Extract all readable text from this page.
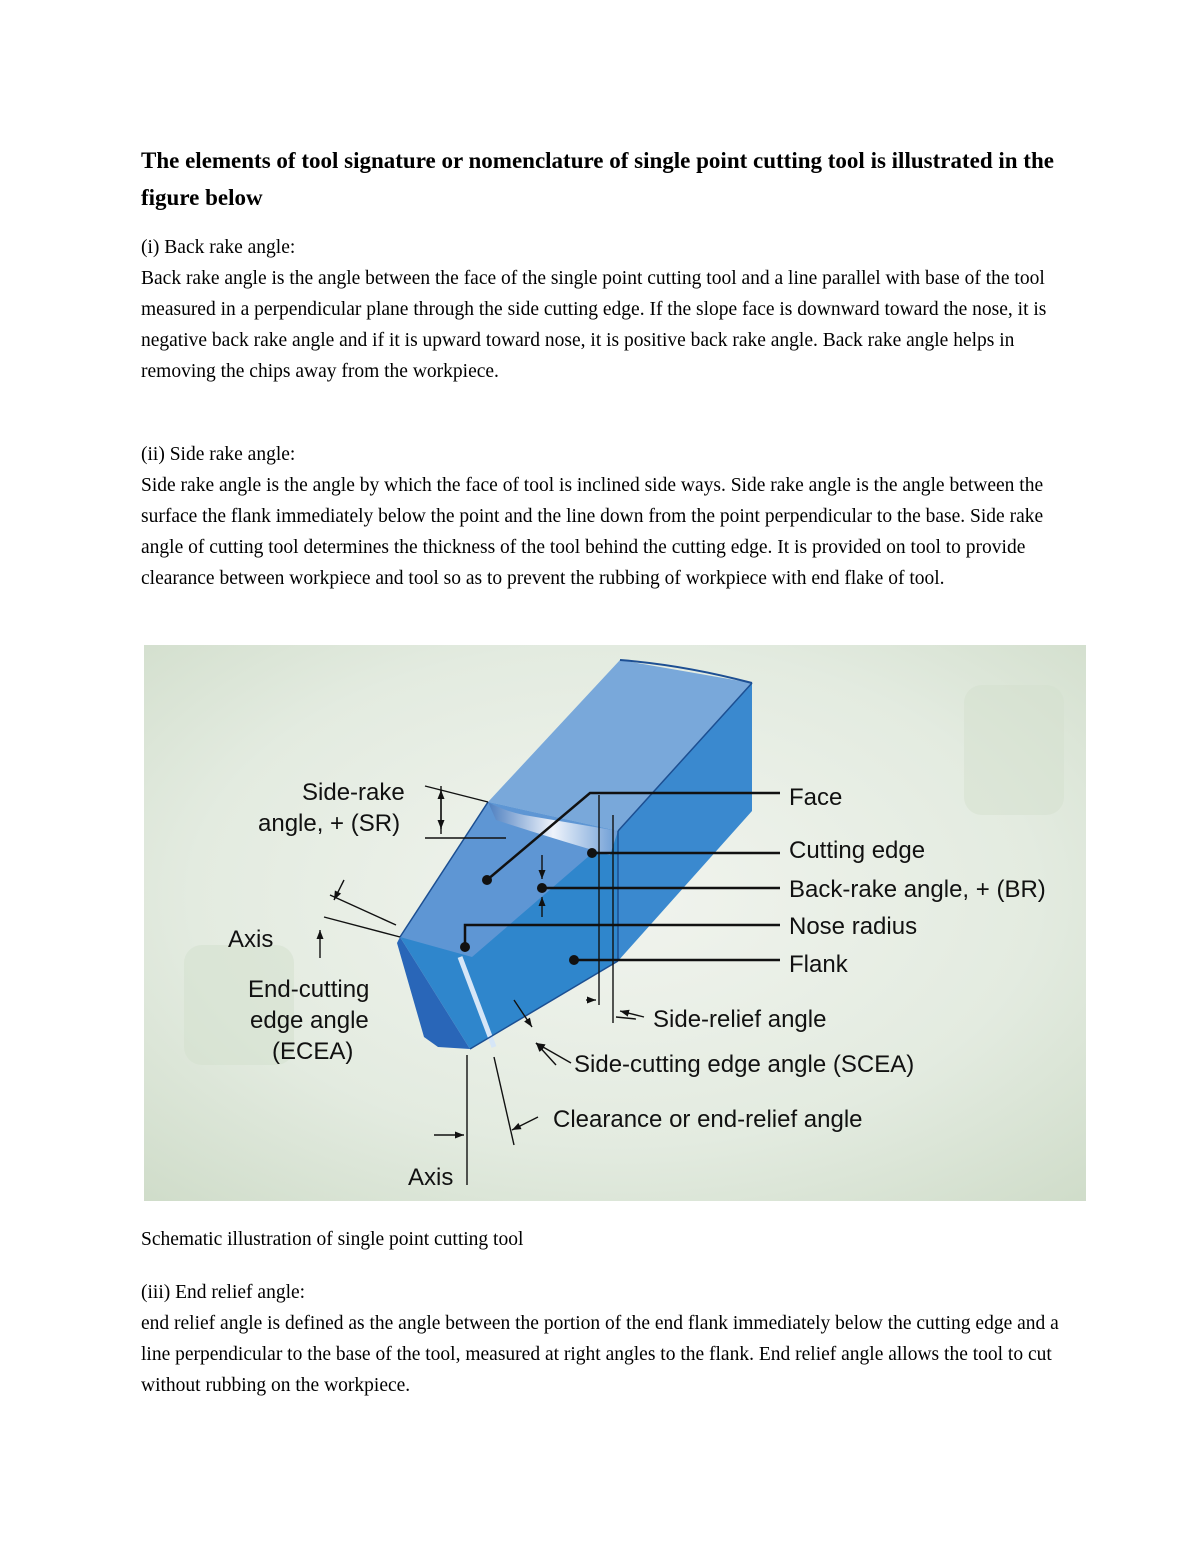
The elements of tool signature or nomenclature of single point cutting tool is illustrated in the figure below

(i) Back rake angle:
Back rake angle is the angle between the face of the single point cutting tool and a line parallel with base of the tool measured in a perpendicular plane through the side cutting edge. If the slope face is downward toward the nose, it is negative back rake angle and if it is upward toward nose, it is positive back rake angle. Back rake angle helps in removing the chips away from the workpiece.

(ii) Side rake angle:
Side rake angle is the angle by which the face of tool is inclined side ways. Side rake angle is the angle between the surface the flank immediately below the point and the line down from the point perpendicular to the base. Side rake angle of cutting tool determines the thickness of the tool behind the cutting edge. It is provided on tool to provide clearance between workpiece and tool so as to prevent the rubbing of workpiece with end flake of tool.

Schematic illustration of single point cutting tool

(iii) End relief angle:
end relief angle is defined as the angle between the portion of the end flank immediately below the cutting edge and a line perpendicular to the base of the tool, measured at right angles to the flank. End relief angle allows the tool to cut without rubbing on the workpiece.

Side-rake
angle, + (SR)
Axis
End-cutting
edge angle
(ECEA)
Face
Cutting edge
Back-rake angle, + (BR)
Nose radius
Flank
Side-relief angle
Side-cutting edge angle (SCEA)
Clearance or end-relief angle
Axis
